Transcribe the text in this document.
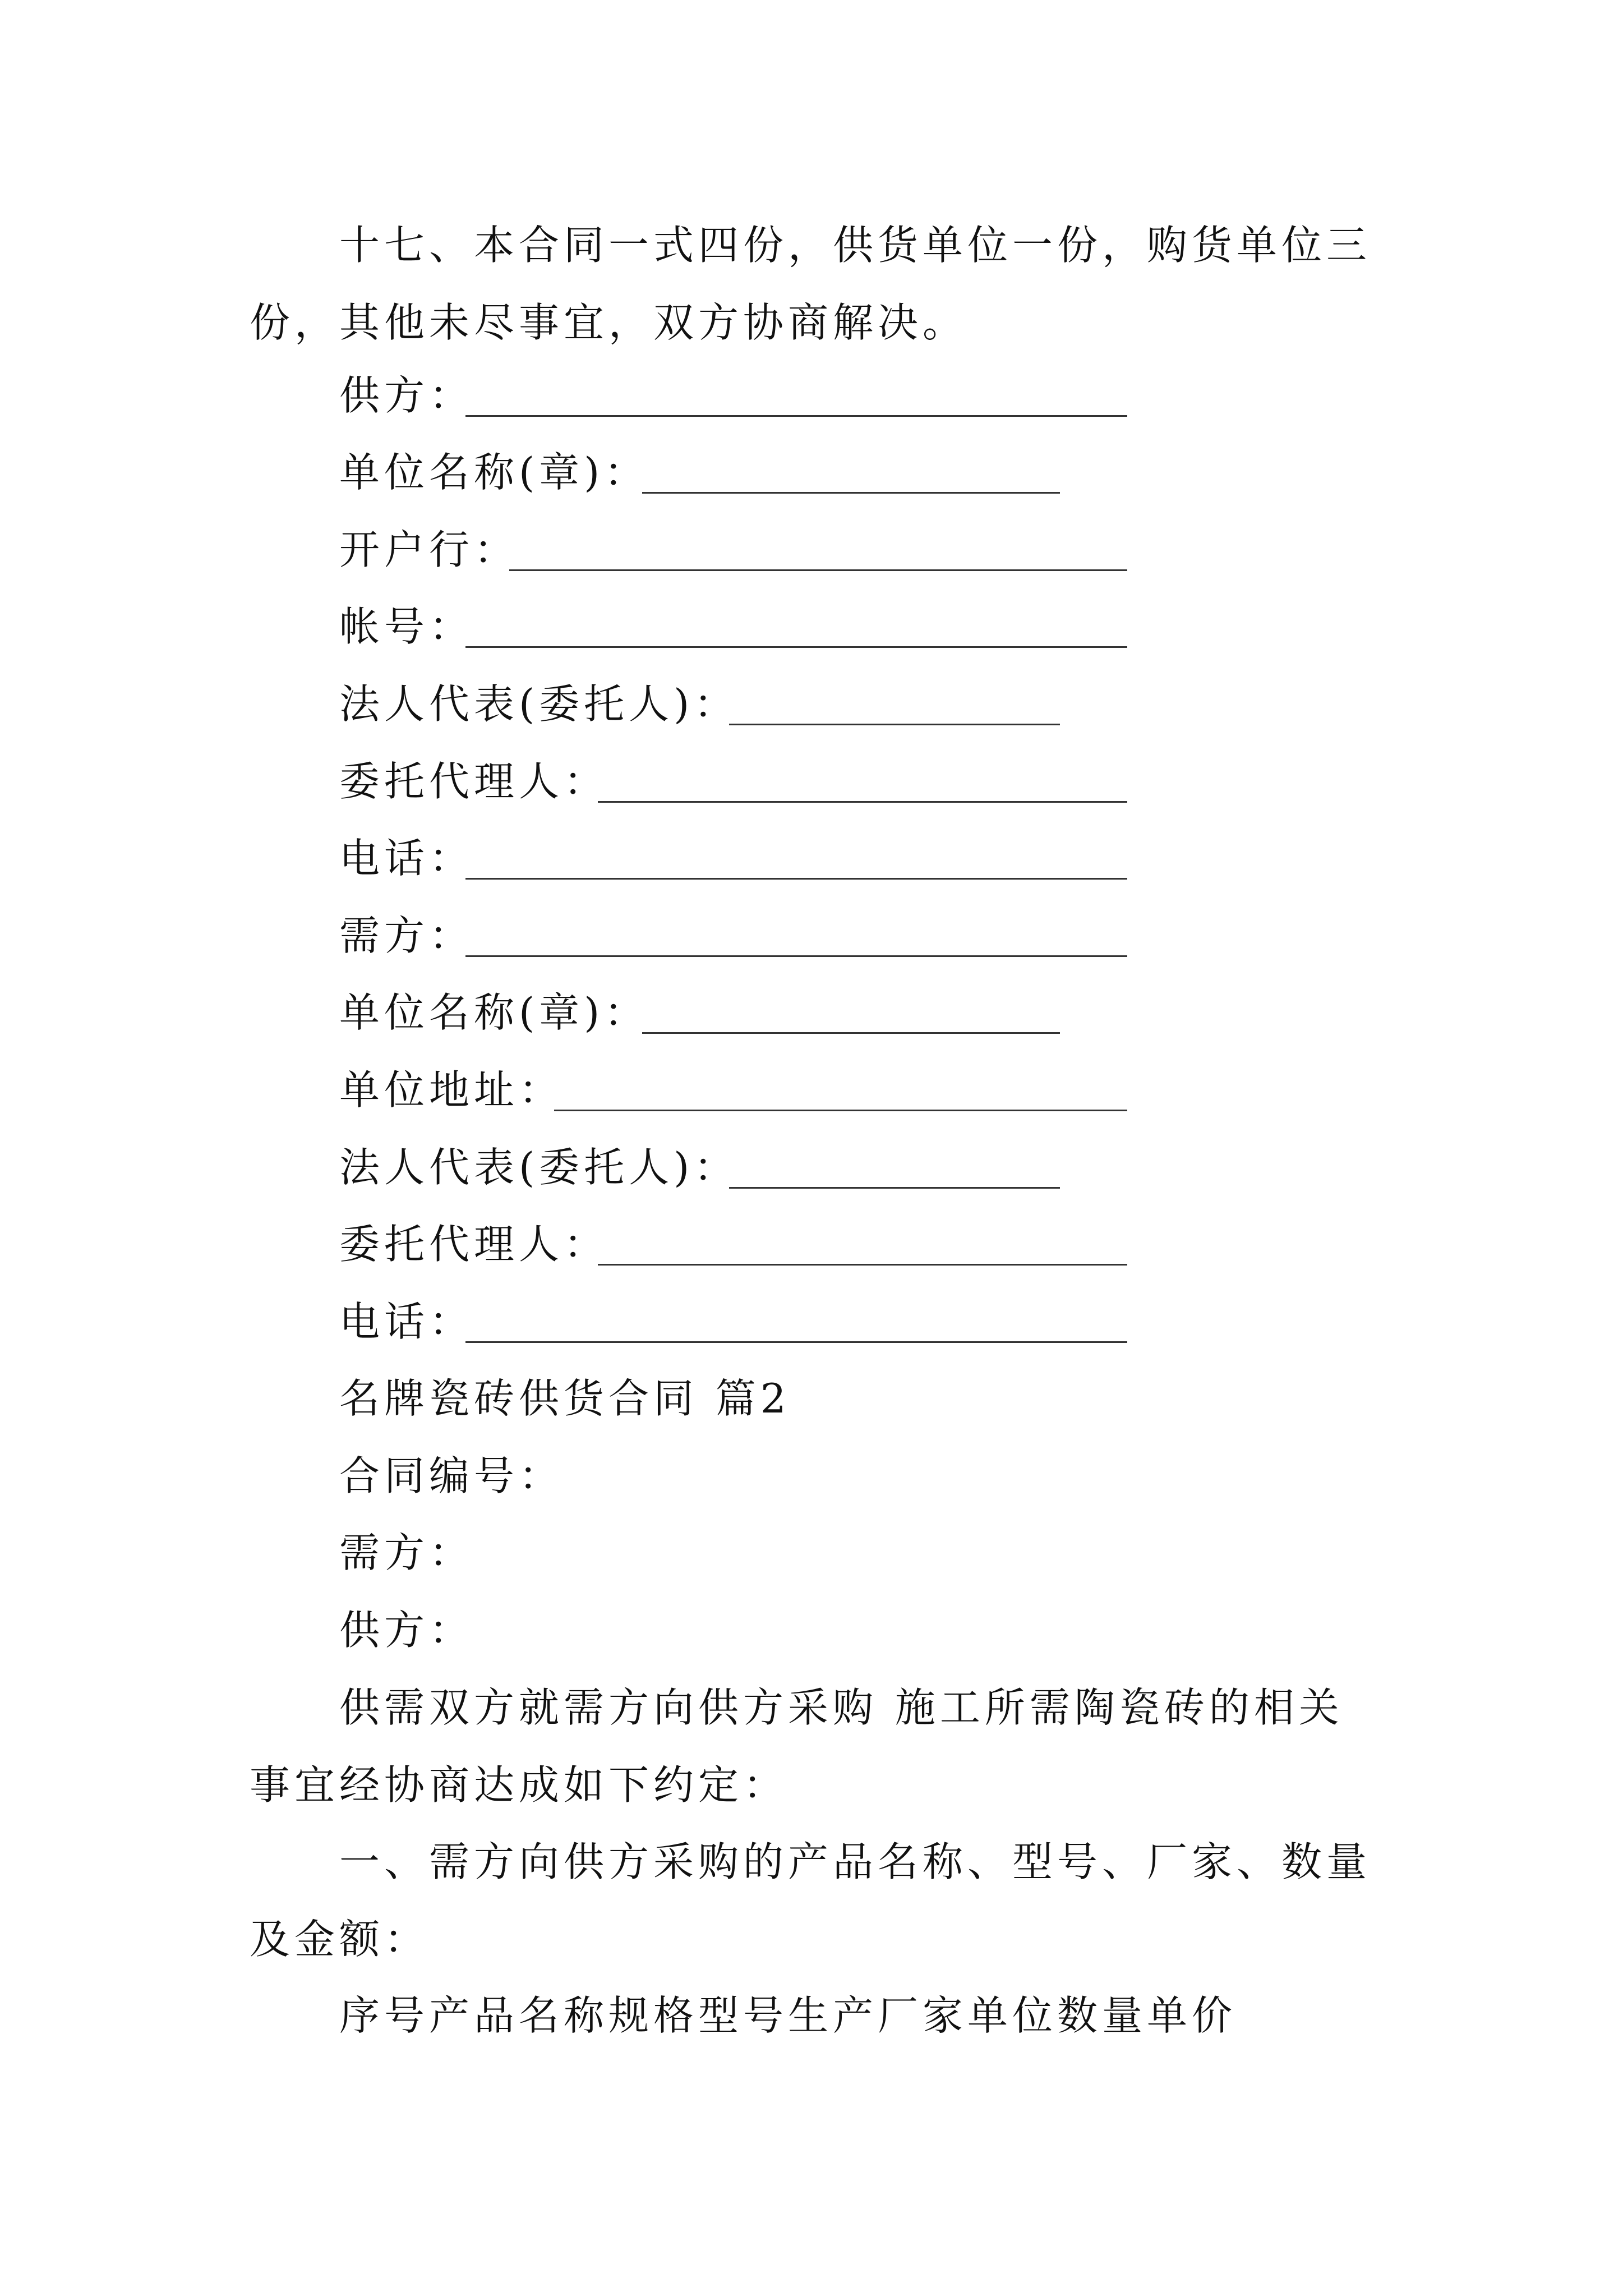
十七、本合同一式四份，供货单位一份，购货单位三份，其他未尽事宜，双方协商解决。

供方：
单位名称(章)：
开户行：
帐号：
法人代表(委托人)：
委托代理人：
电话：
需方：
单位名称(章)：
单位地址：
法人代表(委托人)：
委托代理人：
电话：
名牌瓷砖供货合同 篇2
合同编号：
需方：
供方：

供需双方就需方向供方采购 施工所需陶瓷砖的相关事宜经协商达成如下约定：

一、需方向供方采购的产品名称、型号、厂家、数量及金额：

序号产品名称规格型号生产厂家单位数量单价
